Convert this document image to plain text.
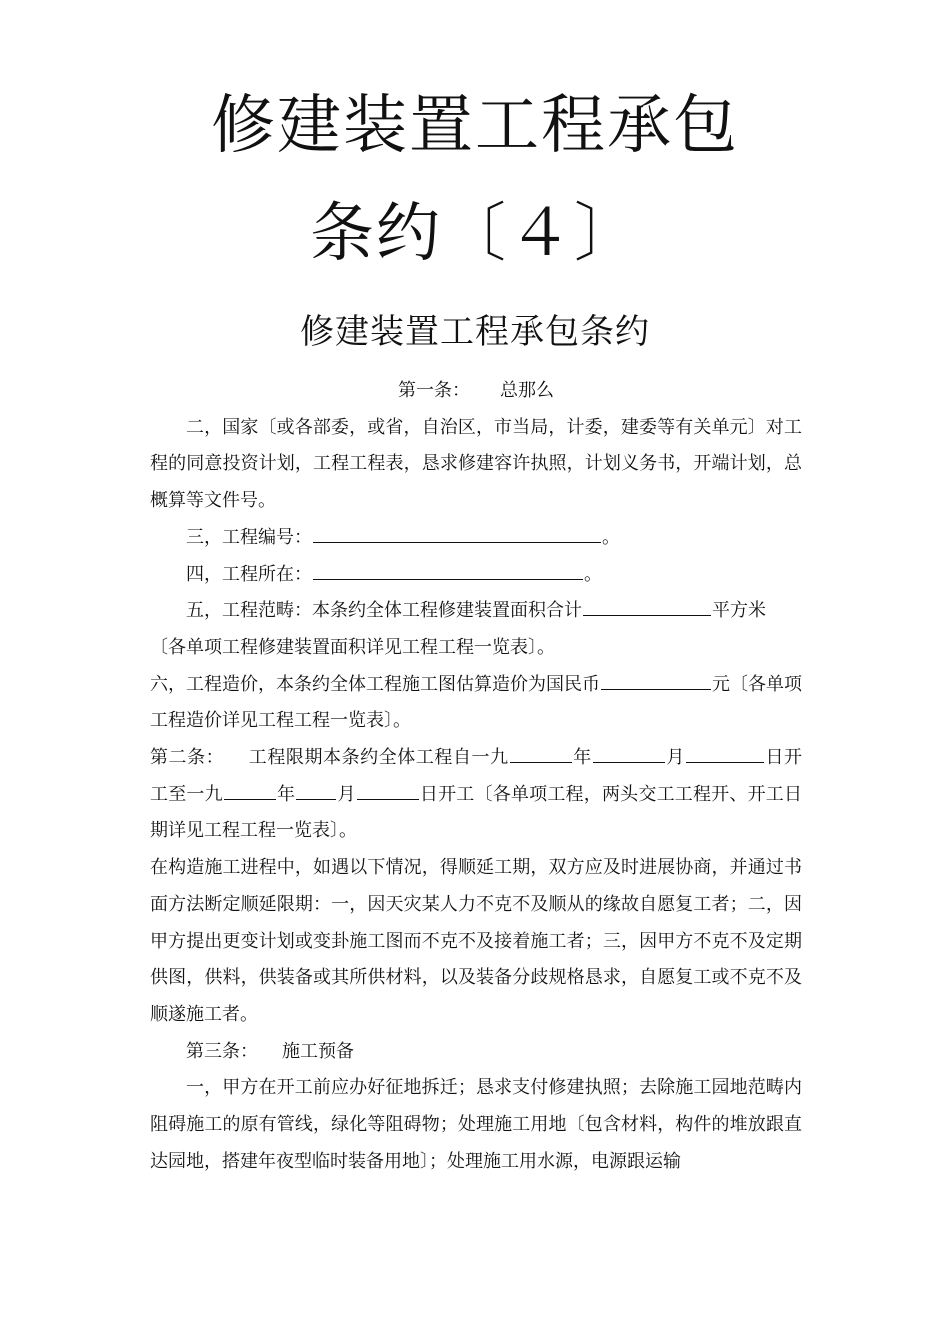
修建装置工程承包
条约〔４〕
修建装置工程承包条约

第一条： 总那么

二，国家〔或各部委，或省，自治区，市当局，计委，建委等有关单元〕对工程的同意投资计划，工程工程表，恳求修建容许执照，计划义务书，开端计划，总概算等文件号。

三，工程编号：	。

四，工程所在：	。

五，工程范畴：本条约全体工程修建装置面积合计	平方米

〔各单项工程修建装置面积详见工程工程一览表〕。

六，工程造价，本条约全体工程施工图估算造价为国民币	元〔各单项工程造价详见工程工程一览表〕。

第二条： 工程限期本条约全体工程自一九	年	月	日开工至一九	年 月	日开工〔各单项工程，两头交工工程开、开工日期详见工程工程一览表〕。

在构造施工进程中，如遇以下情况，得顺延工期，双方应及时进展协商，并通过书面方法断定顺延限期：一，因天灾某人力不克不及顺从的缘故自愿复工者；二，因甲方提出更变计划或变卦施工图而不克不及接着施工者；三，因甲方不克不及定期供图，供料，供装备或其所供材料，以及装备分歧规格恳求，自愿复工或不克不及顺遂施工者。

第三条： 施工预备

一，甲方在开工前应办好征地拆迁；恳求支付修建执照；去除施工园地范畴内阻碍施工的原有管线，绿化等阻碍物；处理施工用地〔包含材料，构件的堆放跟直达园地，搭建年夜型临时装备用地〕；处理施工用水源，电源跟运输
